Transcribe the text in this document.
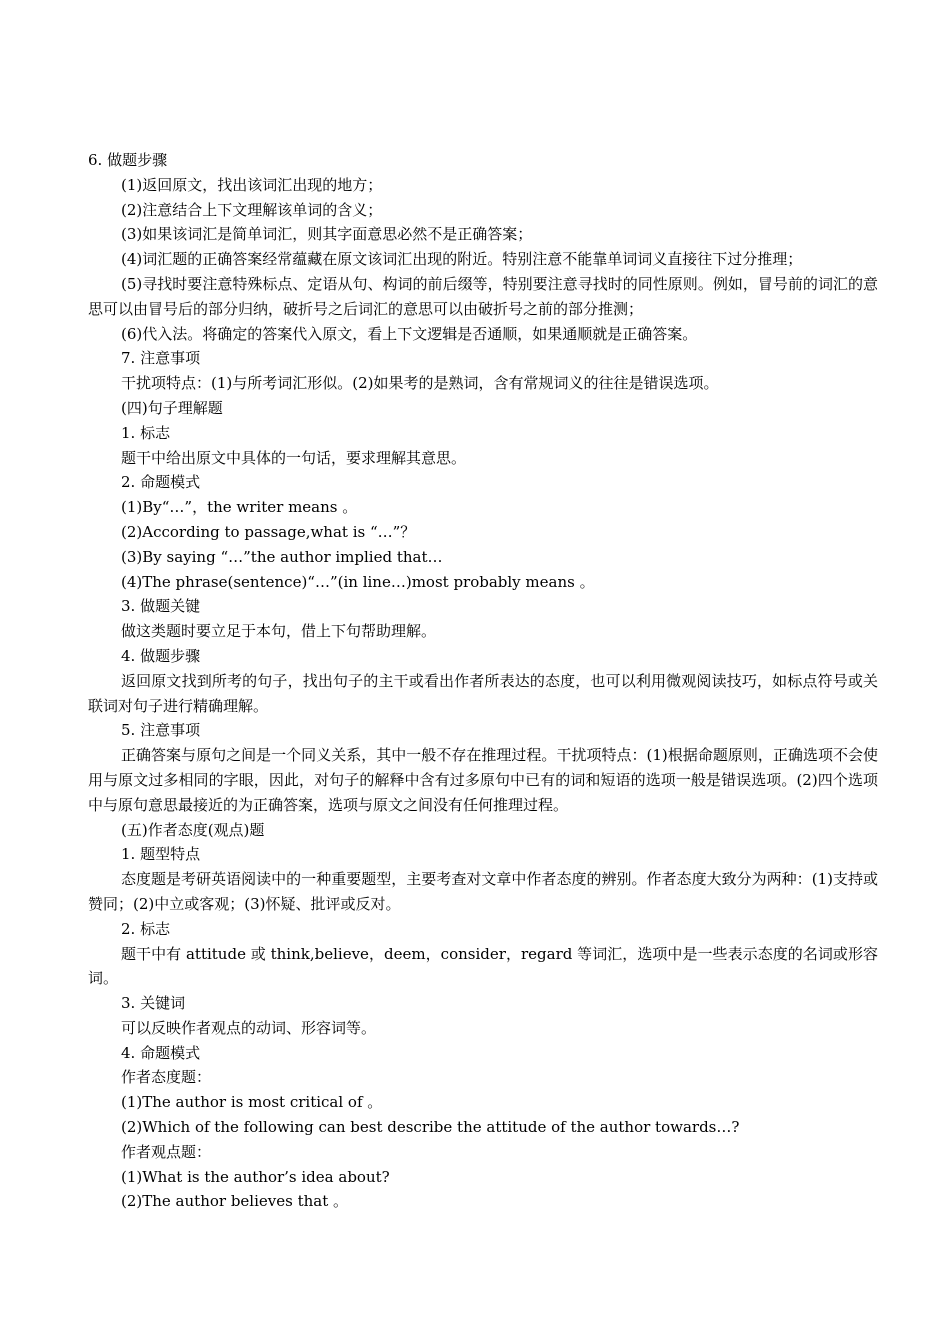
6. 做题步骤

(1)返回原文，找出该词汇出现的地方；

(2)注意结合上下文理解该单词的含义；

(3)如果该词汇是简单词汇，则其字面意思必然不是正确答案；

(4)词汇题的正确答案经常蕴藏在原文该词汇出现的附近。特别注意不能靠单词词义直接往下过分推理；

(5)寻找时要注意特殊标点、定语从句、构词的前后缀等，特别要注意寻找时的同性原则。例如，冒号前的词汇的意思可以由冒号后的部分归纳，破折号之后词汇的意思可以由破折号之前的部分推测；

(6)代入法。将确定的答案代入原文，看上下文逻辑是否通顺，如果通顺就是正确答案。

7. 注意事项

干扰项特点：(1)与所考词汇形似。(2)如果考的是熟词，含有常规词义的往往是错误选项。

(四)句子理解题

1. 标志

题干中给出原文中具体的一句话，要求理解其意思。

2. 命题模式

(1)By“…”，the writer means 。

(2)According to passage,what is “…”？

(3)By saying “…”the author implied that…

(4)The phrase(sentence)“…”(in line…)most probably means 。

3. 做题关键

做这类题时要立足于本句，借上下句帮助理解。

4. 做题步骤

返回原文找到所考的句子，找出句子的主干或看出作者所表达的态度，也可以利用微观阅读技巧，如标点符号或关联词对句子进行精确理解。

5. 注意事项

正确答案与原句之间是一个同义关系，其中一般不存在推理过程。干扰项特点：(1)根据命题原则，正确选项不会使用与原文过多相同的字眼，因此，对句子的解释中含有过多原句中已有的词和短语的选项一般是错误选项。(2)四个选项中与原句意思最接近的为正确答案，选项与原文之间没有任何推理过程。

(五)作者态度(观点)题

1. 题型特点

态度题是考研英语阅读中的一种重要题型，主要考查对文章中作者态度的辨别。作者态度大致分为两种：(1)支持或赞同；(2)中立或客观；(3)怀疑、批评或反对。

2. 标志

题干中有 attitude 或 think,believe，deem，consider，regard 等词汇，选项中是一些表示态度的名词或形容词。

3. 关键词

可以反映作者观点的动词、形容词等。

4. 命题模式

作者态度题：

(1)The author is most critical of 。

(2)Which of the following can best describe the attitude of the author towards…?

作者观点题：

(1)What is the author’s idea about?

(2)The author believes that 。
